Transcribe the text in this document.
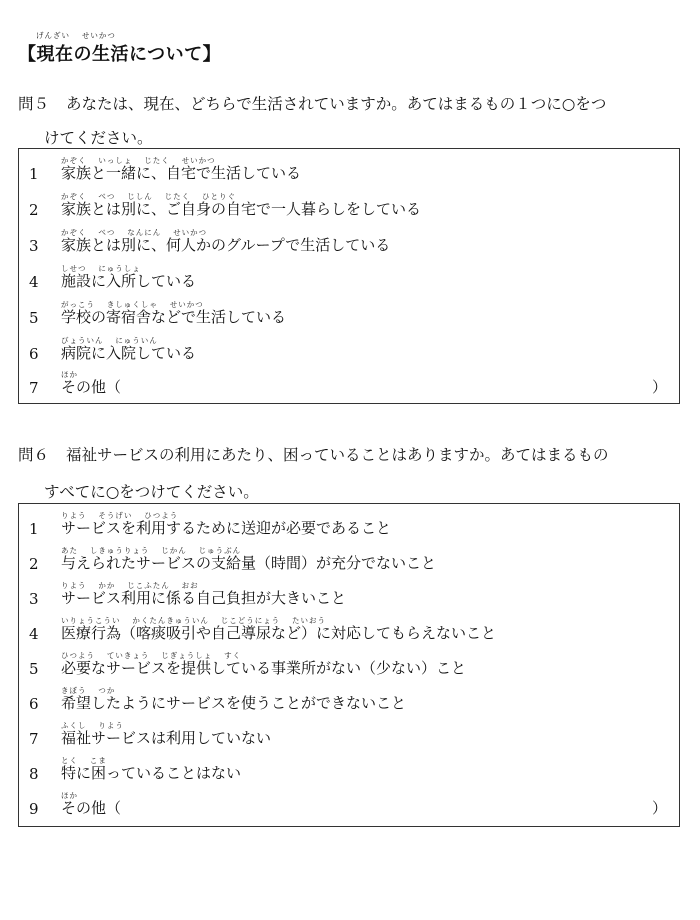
【現在の生活について】
問５ あなたは、現在、どちらで生活されていますか。あてはまるもの１つに○をつ
けてください。
かぞく　 いっしょ　 じたく　 せいかつ
1 家族と一緒に、自宅で生活している
かぞく　 べつ　 じしん　 じたく　 ひとりぐ
2 家族とは別に、ご自身の自宅で一人暮らしをしている
かぞく　 べつ　 なんにん　 せいかつ
3 家族とは別に、何人かのグループで生活している
しせつ　 にゅうしょ
4 施設に入所している
がっこう　 きしゅくしゃ　 せいかつ
5 学校の寄宿舎などで生活している
びょういん　 にゅういん
6 病院に入院している
ほか
7 その他（	）
問６ 福祉サービスの利用にあたり、困っていることはありますか。あてはまるもの
すべてに○をつけてください。
りよう　 そうげい　 ひつよう
1 サービスを利用するために送迎が必要であること
あた　 しきゅうりょう　 じかん　 じゅうぶん
2 与えられたサービスの支給量（時間）が充分でないこと
りよう　 かか　 じこふたん　 おお
3 サービス利用に係る自己負担が大きいこと
いりょうこうい　 かくたんきゅういん　 じこどうにょう　 たいおう
4 医療行為（喀痰吸引や自己導尿など）に対応してもらえないこと
ひつよう　 ていきょう　 じぎょうしょ　 すく
5 必要なサービスを提供している事業所がない（少ない）こと
きぼう　 つか
6 希望したようにサービスを使うことができないこと
ふくし　 りよう
7 福祉サービスは利用していない
とく　 こま
8 特に困っていることはない
ほか
9 その他（	）
げんざい　 せいかつ
